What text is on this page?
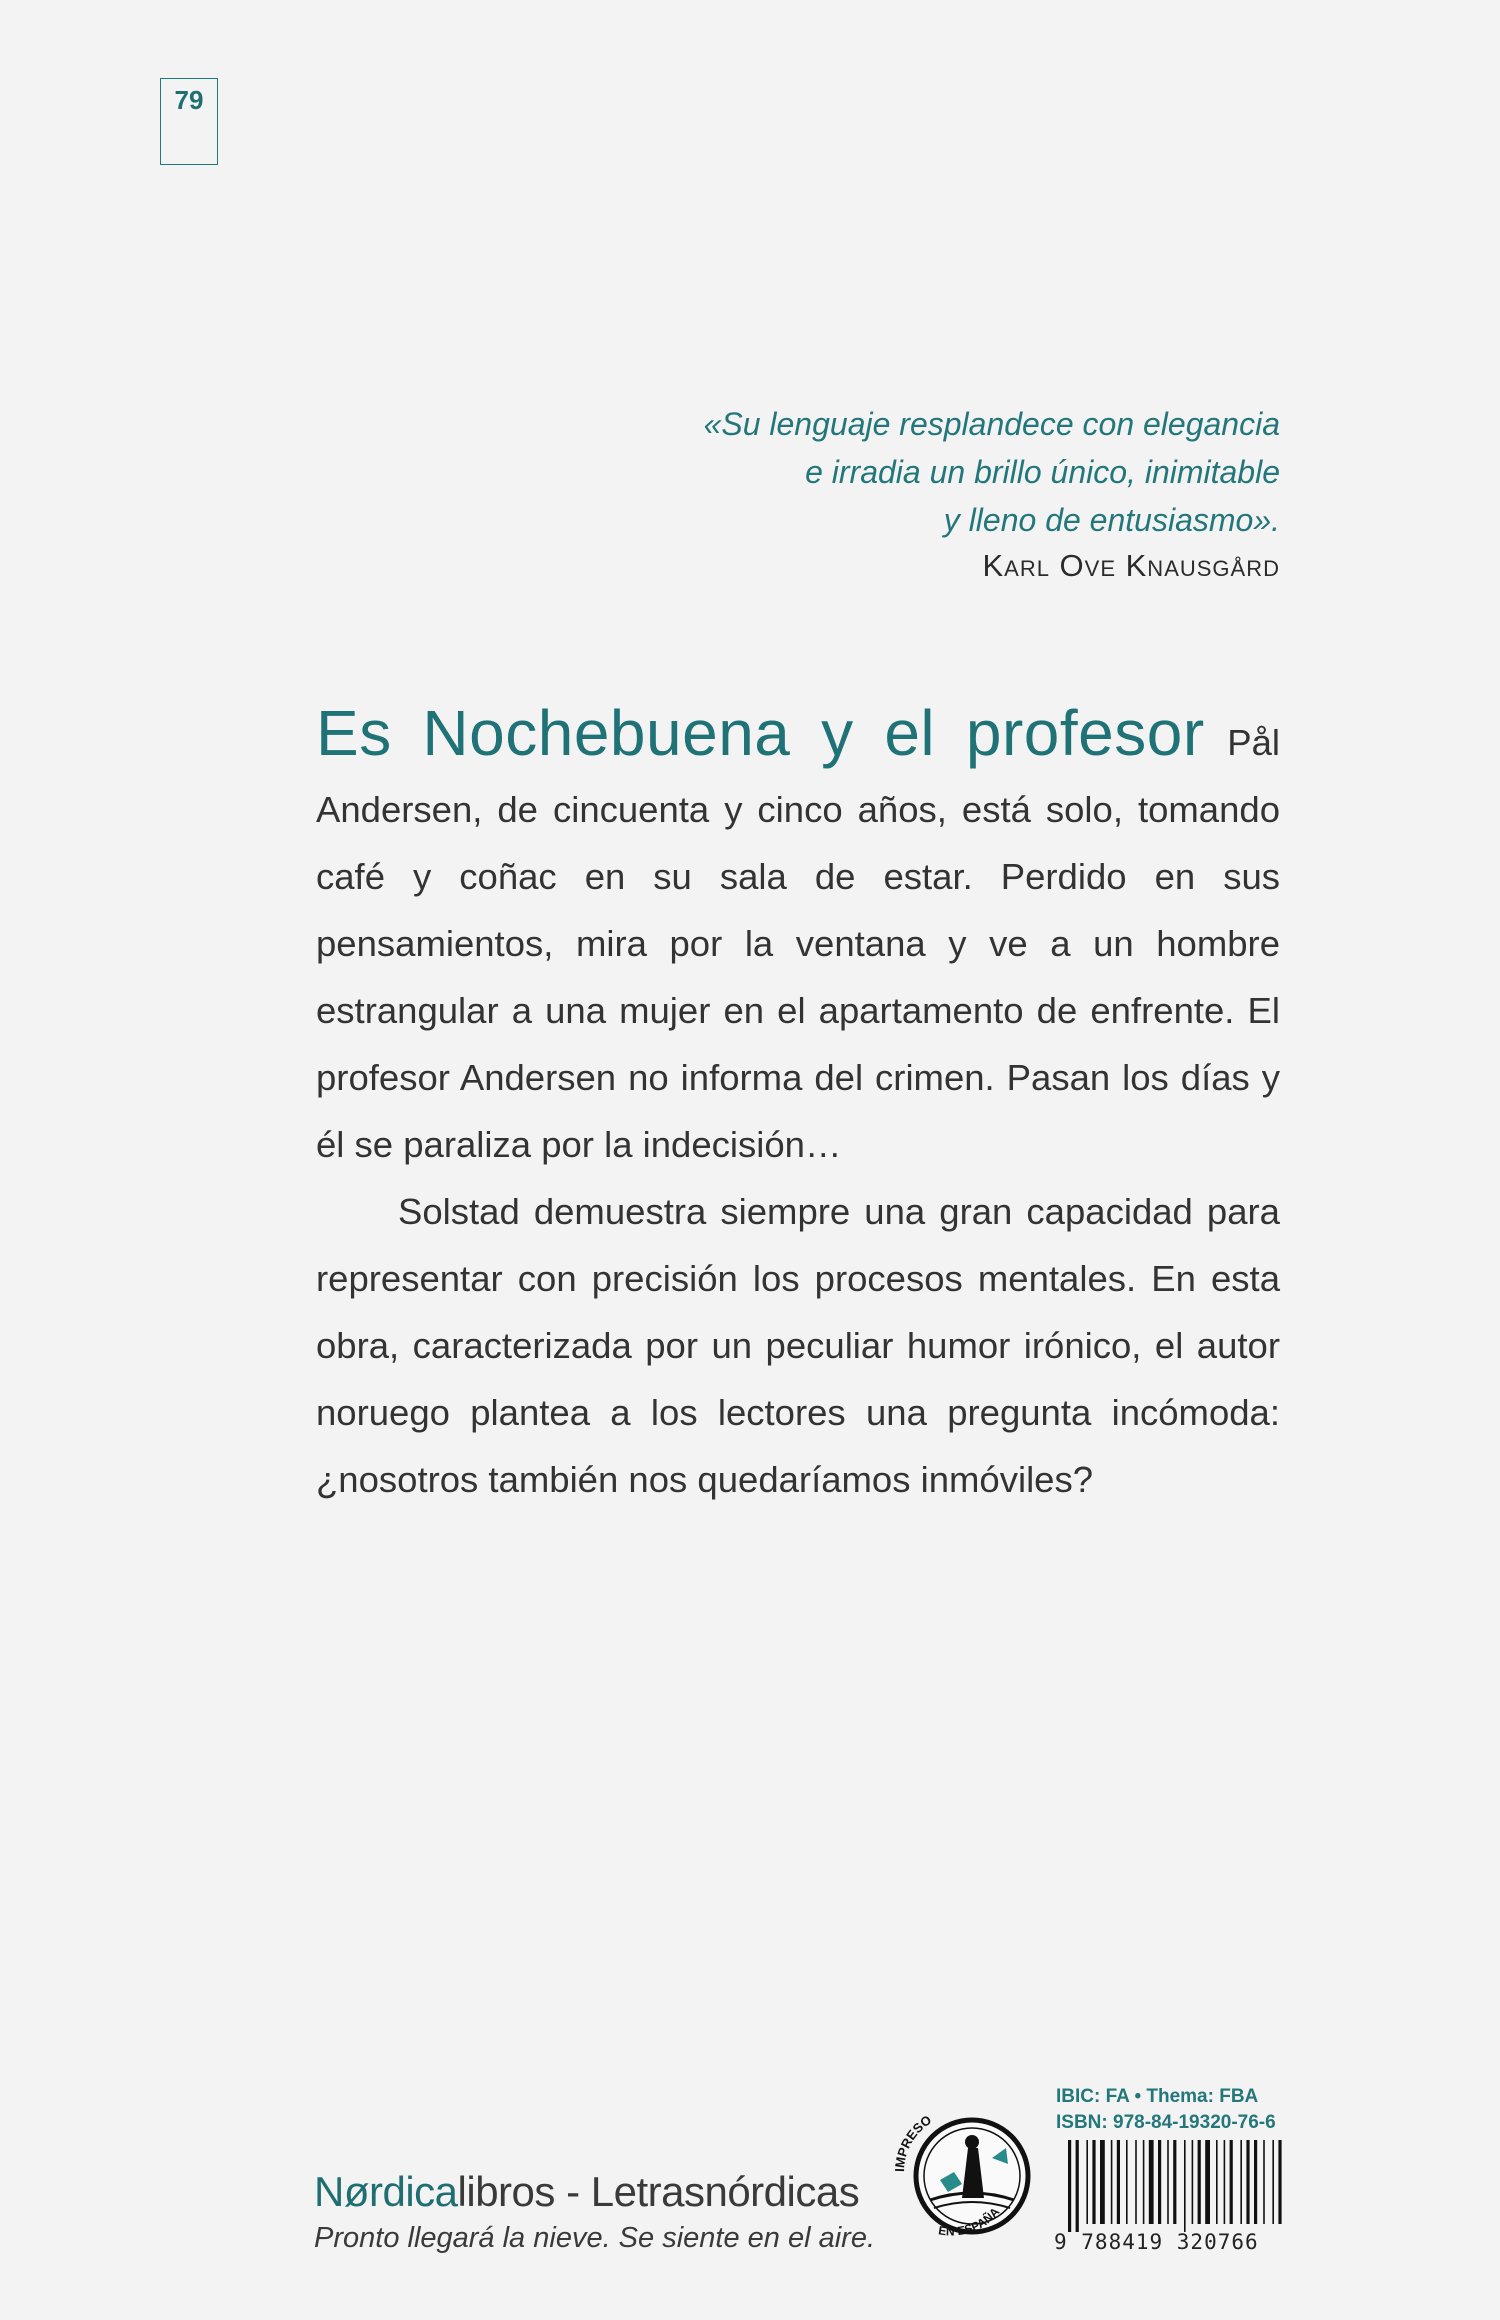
79
«Su lenguaje resplandece con elegancia
e irradia un brillo único, inimitable
y lleno de entusiasmo».
Karl Ove Knausgård

Es Nochebuena y el profesor Pål Andersen, de cincuenta y cinco años, está solo, tomando café y coñac en su sala de estar. Perdido en sus pensamientos, mira por la ventana y ve a un hombre estrangular a una mujer en el apartamento de enfrente. El profesor Andersen no informa del crimen. Pasan los días y él se paraliza por la indecisión…

Solstad demuestra siempre una gran capacidad para representar con precisión los procesos mentales. En esta obra, caracterizada por un peculiar humor irónico, el autor noruego plantea a los lectores una pregunta incómoda: ¿nosotros también nos quedaríamos inmóviles?

Nørdicalibros - Letrasnórdicas
Pronto llegará la nieve. Se siente en el aire.
IMPRESO
EN ESPAÑA
IBIC: FA • Thema: FBA
ISBN: 978-84-19320-76-6
9 788419 320766
